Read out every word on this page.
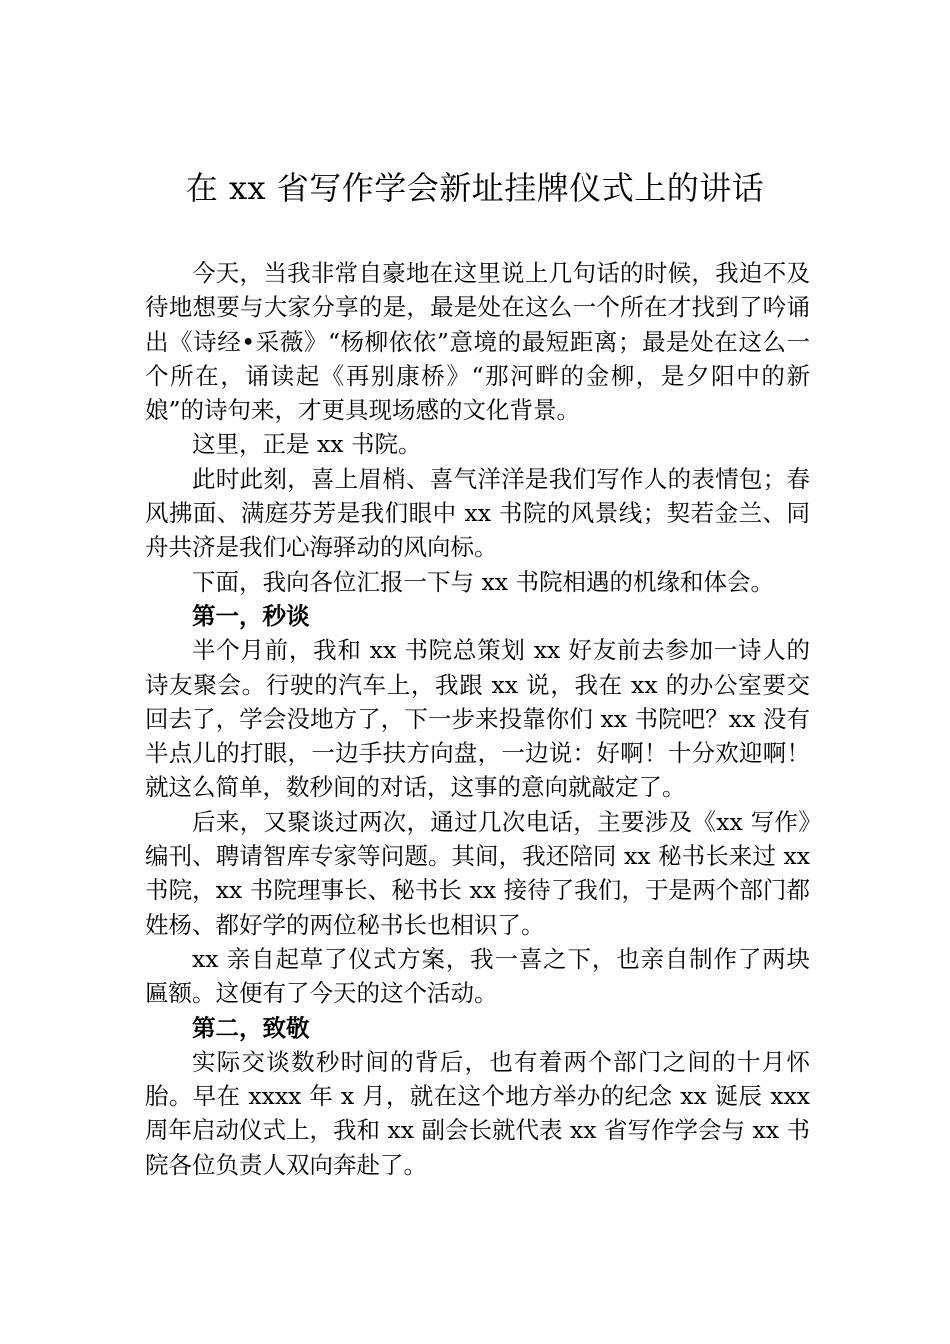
在 xx 省写作学会新址挂牌仪式上的讲话

今天，当我非常自豪地在这里说上几句话的时候，我迫不及待地想要与大家分享的是，最是处在这么一个所在才找到了吟诵出《诗经•采薇》“杨柳依依”意境的最短距离；最是处在这么一个所在，诵读起《再别康桥》“那河畔的金柳，是夕阳中的新娘”的诗句来，才更具现场感的文化背景。

这里，正是 xx 书院。

此时此刻，喜上眉梢、喜气洋洋是我们写作人的表情包；春风拂面、满庭芬芳是我们眼中 xx 书院的风景线；契若金兰、同舟共济是我们心海驿动的风向标。

下面，我向各位汇报一下与 xx 书院相遇的机缘和体会。

第一，秒谈

半个月前，我和 xx 书院总策划 xx 好友前去参加一诗人的诗友聚会。行驶的汽车上，我跟 xx 说，我在 xx 的办公室要交回去了，学会没地方了，下一步来投靠你们 xx 书院吧？xx 没有半点儿的打眼，一边手扶方向盘，一边说：好啊！十分欢迎啊！就这么简单，数秒间的对话，这事的意向就敲定了。

后来，又聚谈过两次，通过几次电话，主要涉及《xx 写作》编刊、聘请智库专家等问题。其间，我还陪同 xx 秘书长来过 xx 书院，xx 书院理事长、秘书长 xx 接待了我们，于是两个部门都姓杨、都好学的两位秘书长也相识了。

xx 亲自起草了仪式方案，我一喜之下，也亲自制作了两块匾额。这便有了今天的这个活动。

第二，致敬

实际交谈数秒时间的背后，也有着两个部门之间的十月怀胎。早在 xxxx 年 x 月，就在这个地方举办的纪念 xx 诞辰 xxx 周年启动仪式上，我和 xx 副会长就代表 xx 省写作学会与 xx 书院各位负责人双向奔赴了。
